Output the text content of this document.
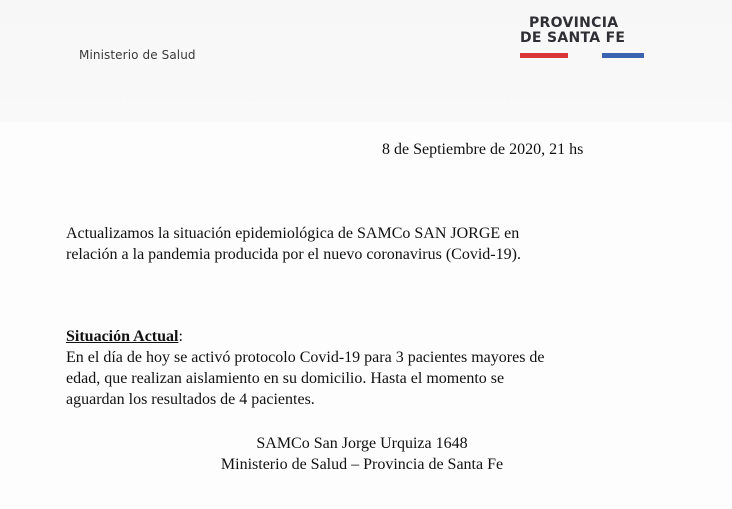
Ministerio de Salud
PROVINCIA
DE SANTA FE
8 de Septiembre de 2020, 21 hs
Actualizamos la situación epidemiológica de SAMCo SAN JORGE en
relación a la pandemia producida por el nuevo coronavirus (Covid-19).
Situación Actual:
En el día de hoy se activó protocolo Covid-19 para 3 pacientes mayores de
edad, que realizan aislamiento en su domicilio. Hasta el momento se
aguardan los resultados de 4 pacientes.
SAMCo San Jorge Urquiza 1648
Ministerio de Salud – Provincia de Santa Fe
